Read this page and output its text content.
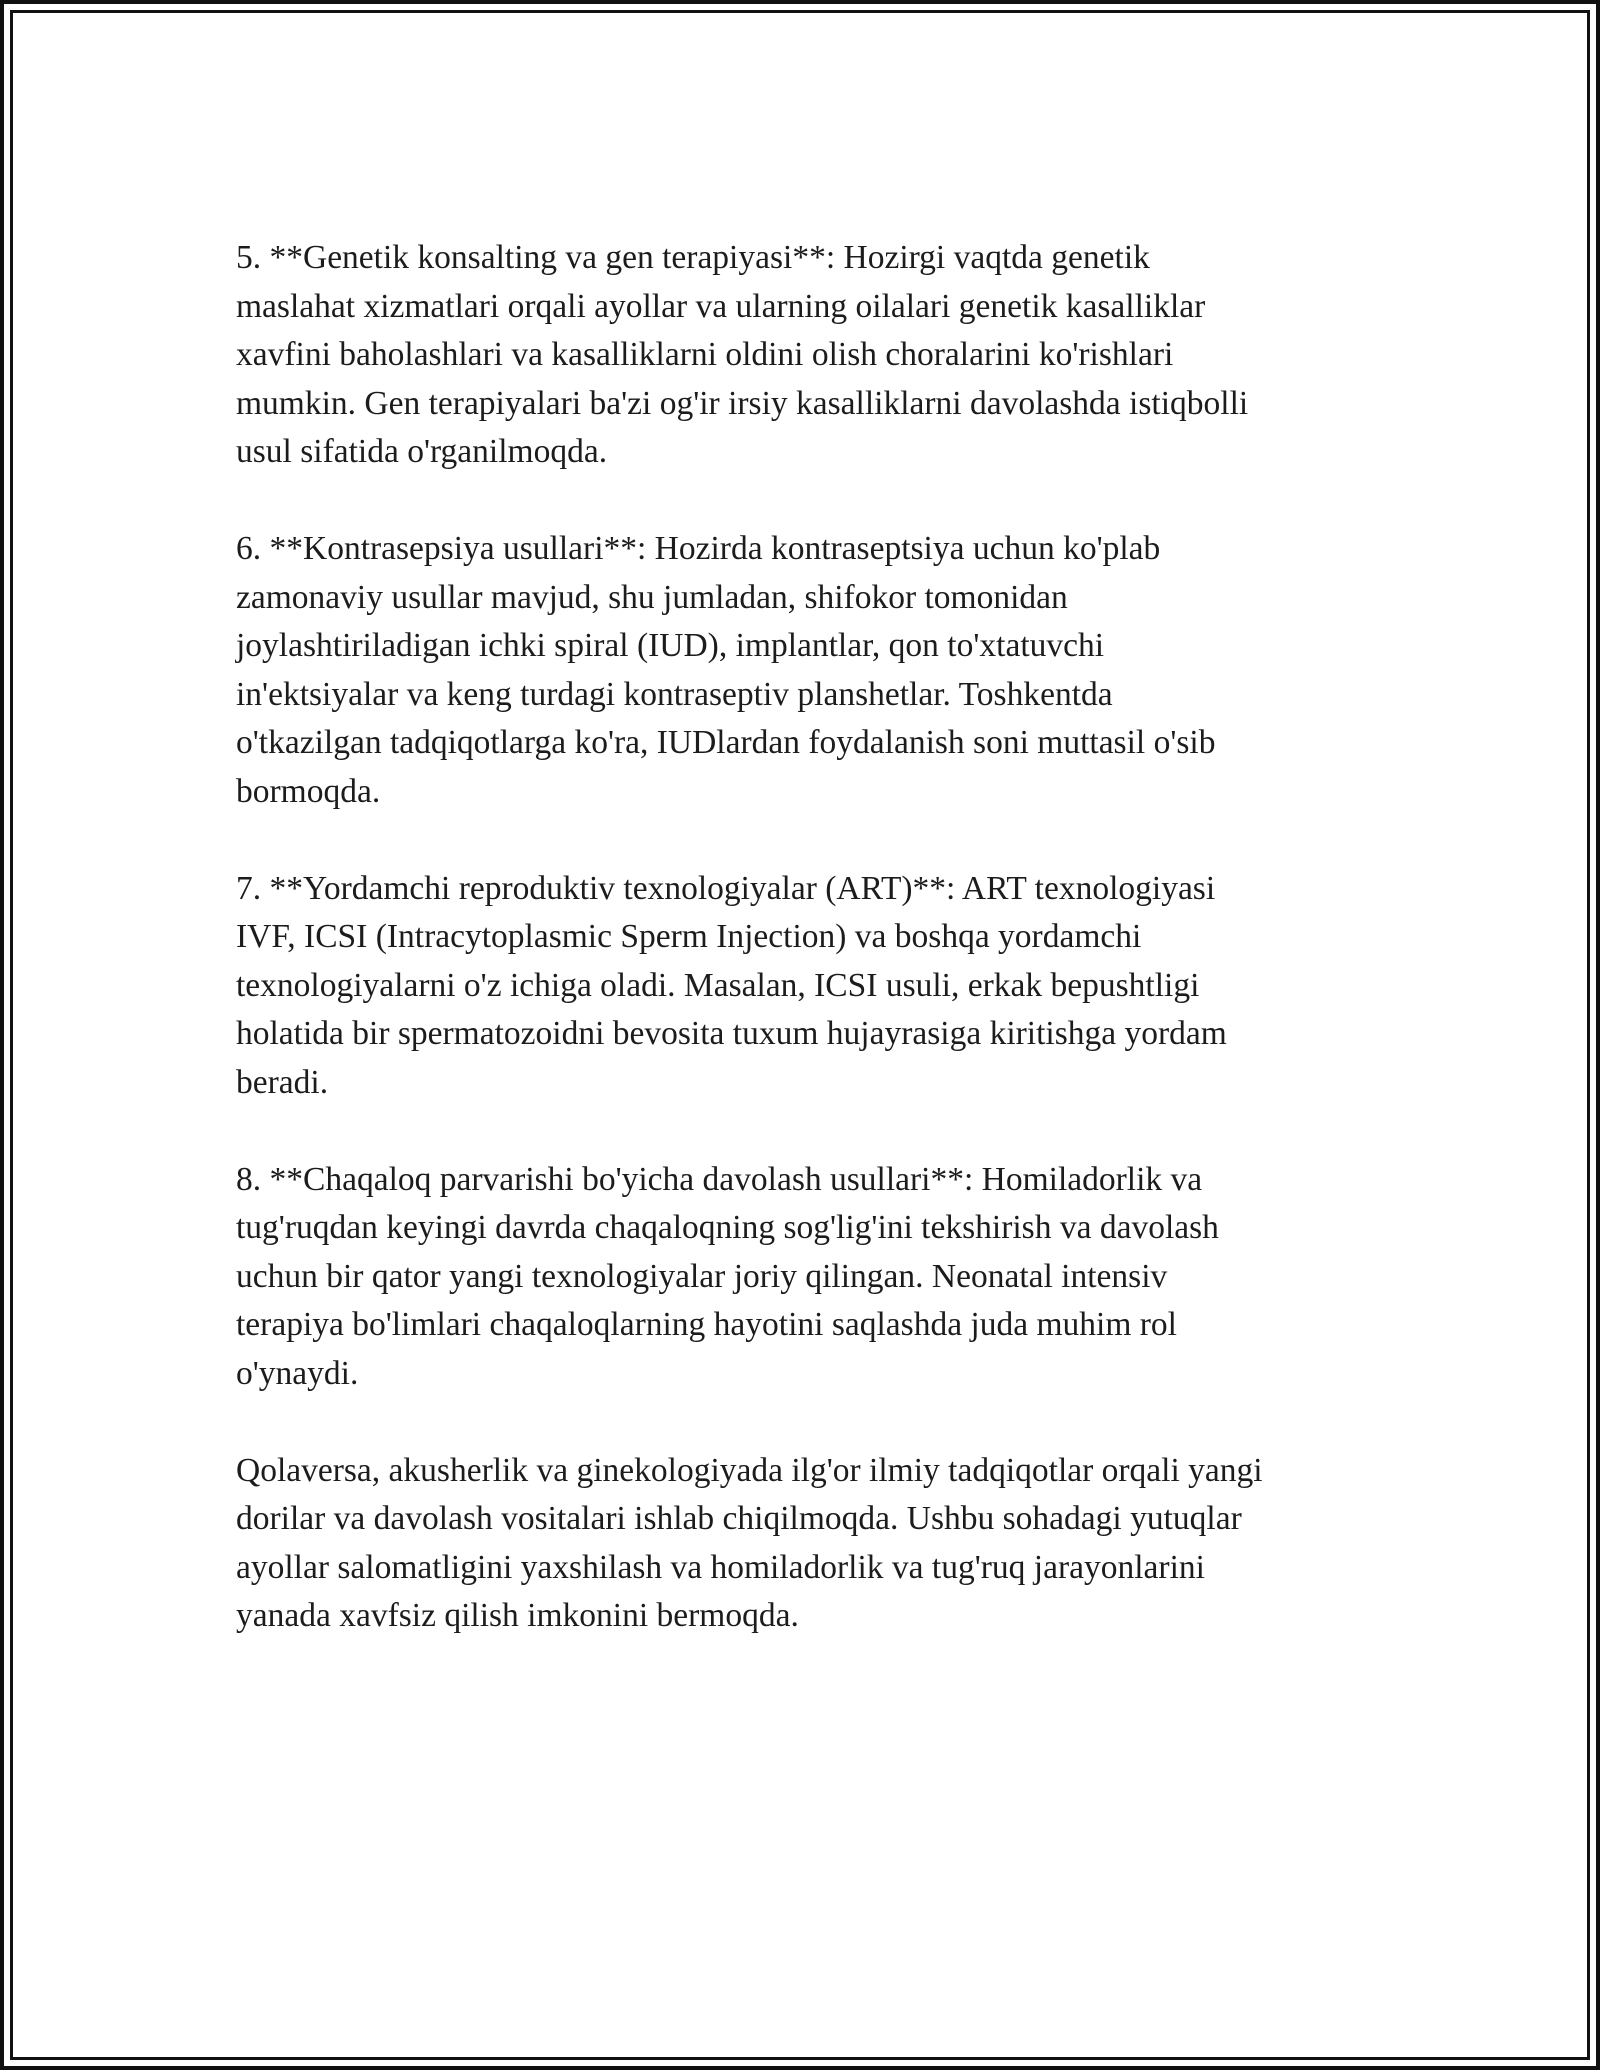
5. **Genetik konsalting va gen terapiyasi**: Hozirgi vaqtda genetik
maslahat xizmatlari orqali ayollar va ularning oilalari genetik kasalliklar
xavfini baholashlari va kasalliklarni oldini olish choralarini ko'rishlari
mumkin. Gen terapiyalari ba'zi og'ir irsiy kasalliklarni davolashda istiqbolli
usul sifatida o'rganilmoqda.

6. **Kontrasepsiya usullari**: Hozirda kontraseptsiya uchun ko'plab
zamonaviy usullar mavjud, shu jumladan, shifokor tomonidan
joylashtiriladigan ichki spiral (IUD), implantlar, qon to'xtatuvchi
in'ektsiyalar va keng turdagi kontraseptiv planshetlar. Toshkentda
o'tkazilgan tadqiqotlarga ko'ra, IUDlardan foydalanish soni muttasil o'sib
bormoqda.

7. **Yordamchi reproduktiv texnologiyalar (ART)**: ART texnologiyasi
IVF, ICSI (Intracytoplasmic Sperm Injection) va boshqa yordamchi
texnologiyalarni o'z ichiga oladi. Masalan, ICSI usuli, erkak bepushtligi
holatida bir spermatozoidni bevosita tuxum hujayrasiga kiritishga yordam
beradi.

8. **Chaqaloq parvarishi bo'yicha davolash usullari**: Homiladorlik va
tug'ruqdan keyingi davrda chaqaloqning sog'lig'ini tekshirish va davolash
uchun bir qator yangi texnologiyalar joriy qilingan. Neonatal intensiv
terapiya bo'limlari chaqaloqlarning hayotini saqlashda juda muhim rol
o'ynaydi.

Qolaversa, akusherlik va ginekologiyada ilg'or ilmiy tadqiqotlar orqali yangi
dorilar va davolash vositalari ishlab chiqilmoqda. Ushbu sohadagi yutuqlar
ayollar salomatligini yaxshilash va homiladorlik va tug'ruq jarayonlarini
yanada xavfsiz qilish imkonini bermoqda.
